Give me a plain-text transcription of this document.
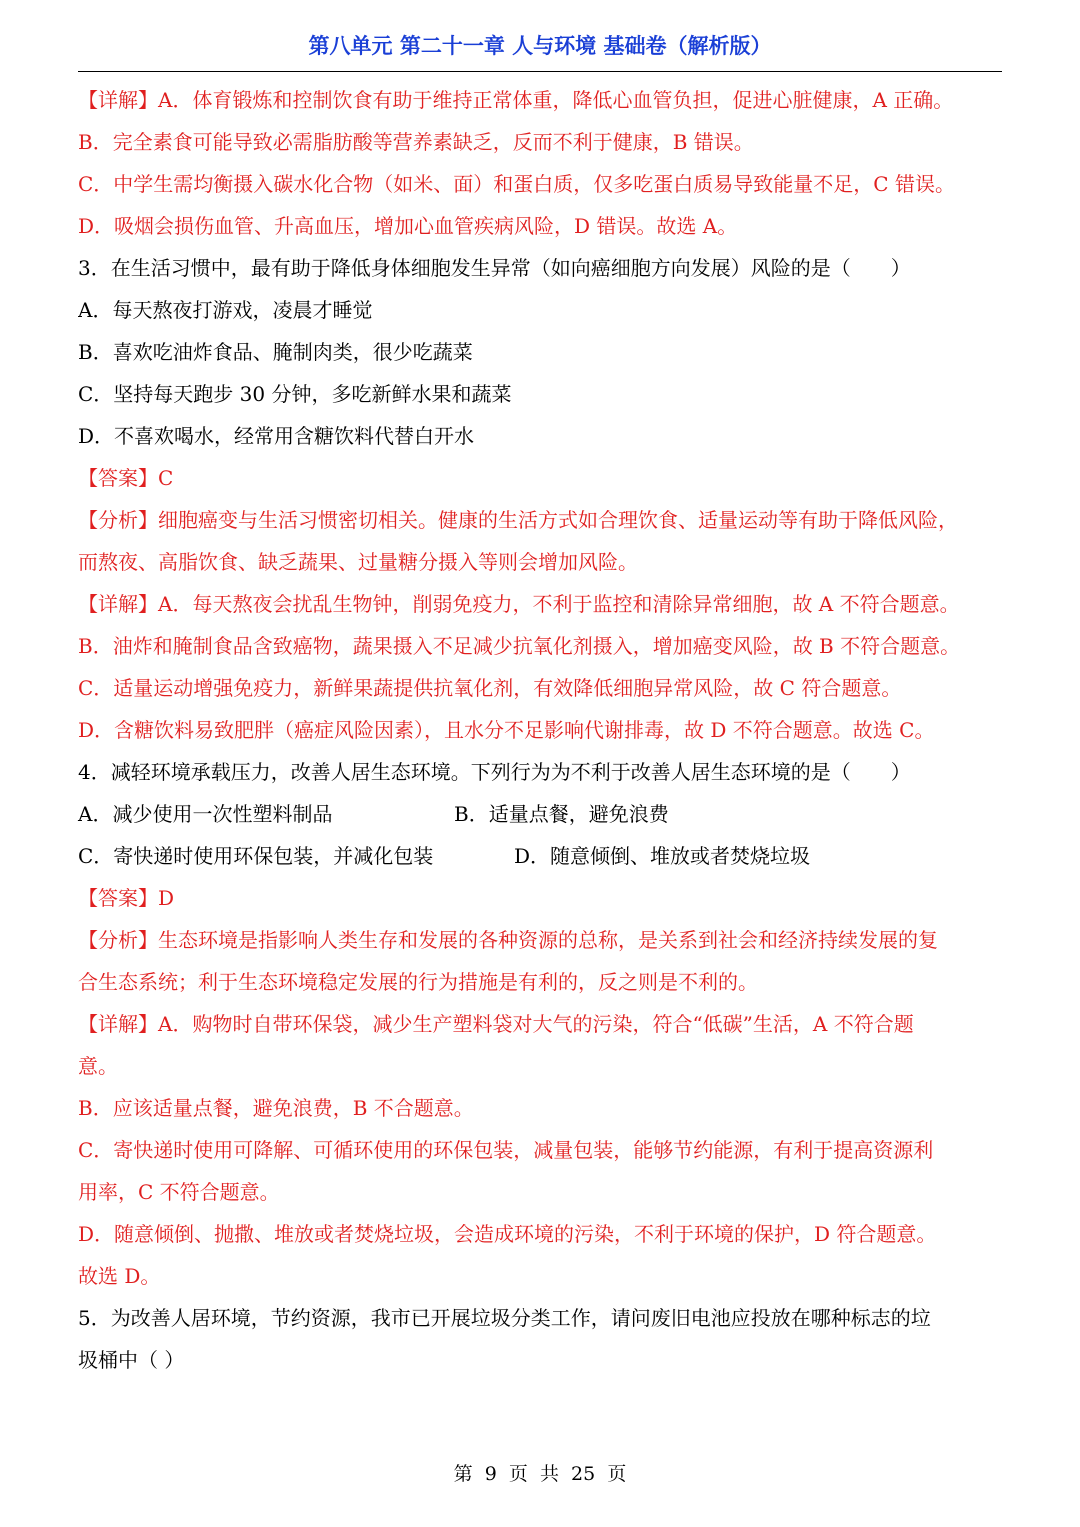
第八单元 第二十一章 人与环境 基础卷（解析版）

【详解】A．体育锻炼和控制饮食有助于维持正常体重，降低心血管负担，促进心脏健康，A 正确。

B．完全素食可能导致必需脂肪酸等营养素缺乏，反而不利于健康，B 错误。

C．中学生需均衡摄入碳水化合物（如米、面）和蛋白质，仅多吃蛋白质易导致能量不足，C 错误。

D．吸烟会损伤血管、升高血压，增加心血管疾病风险，D 错误。故选 A。

3．在生活习惯中，最有助于降低身体细胞发生异常（如向癌细胞方向发展）风险的是（　　）

A．每天熬夜打游戏，凌晨才睡觉

B．喜欢吃油炸食品、腌制肉类，很少吃蔬菜

C．坚持每天跑步 30 分钟，多吃新鲜水果和蔬菜

D．不喜欢喝水，经常用含糖饮料代替白开水

【答案】C

【分析】细胞癌变与生活习惯密切相关。健康的生活方式如合理饮食、适量运动等有助于降低风险，

而熬夜、高脂饮食、缺乏蔬果、过量糖分摄入等则会增加风险。

【详解】A．每天熬夜会扰乱生物钟，削弱免疫力，不利于监控和清除异常细胞，故 A 不符合题意。

B．油炸和腌制食品含致癌物，蔬果摄入不足减少抗氧化剂摄入，增加癌变风险，故 B 不符合题意。

C．适量运动增强免疫力，新鲜果蔬提供抗氧化剂，有效降低细胞异常风险，故 C 符合题意。

D．含糖饮料易致肥胖（癌症风险因素），且水分不足影响代谢排毒，故 D 不符合题意。故选 C。

4．减轻环境承载压力，改善人居生态环境。下列行为为不利于改善人居生态环境的是（　　）

A．减少使用一次性塑料制品	B．适量点餐，避免浪费
C．寄快递时使用环保包装，并减化包装	D．随意倾倒、堆放或者焚烧垃圾

【答案】D

【分析】生态环境是指影响人类生存和发展的各种资源的总称，是关系到社会和经济持续发展的复

合生态系统；利于生态环境稳定发展的行为措施是有利的，反之则是不利的。

【详解】A．购物时自带环保袋，减少生产塑料袋对大气的污染，符合“低碳”生活，A 不符合题

意。

B．应该适量点餐，避免浪费，B 不合题意。

C．寄快递时使用可降解、可循环使用的环保包装，减量包装，能够节约能源，有利于提高资源利

用率，C 不符合题意。

D．随意倾倒、抛撒、堆放或者焚烧垃圾，会造成环境的污染，不利于环境的保护，D 符合题意。

故选 D。

5．为改善人居环境，节约资源，我市已开展垃圾分类工作，请问废旧电池应投放在哪种标志的垃

圾桶中（ ）

第  9  页  共  25  页
